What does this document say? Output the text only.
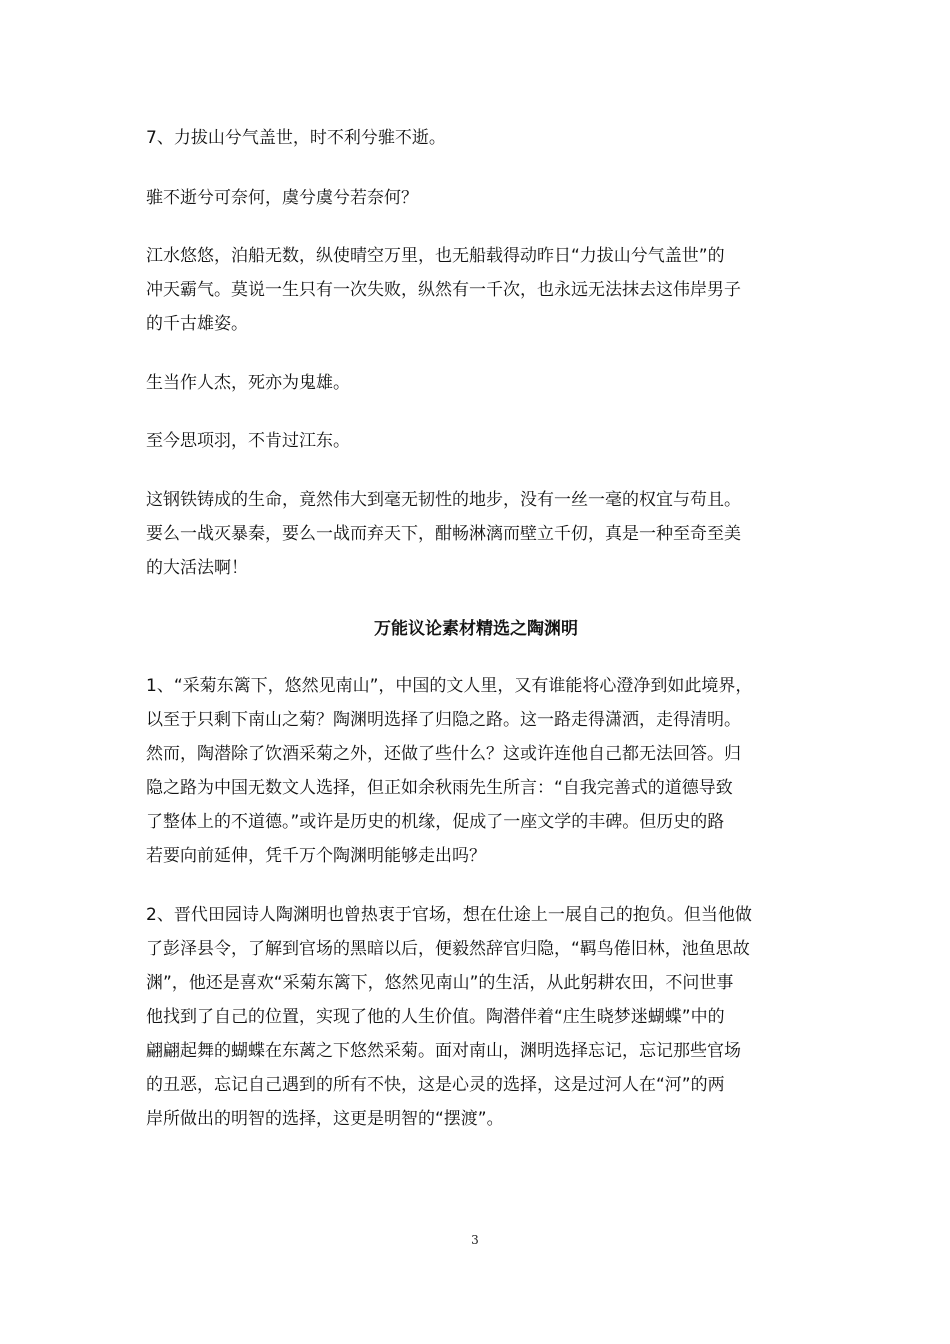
7、力拔山兮气盖世，时不利兮骓不逝。

骓不逝兮可奈何，虞兮虞兮若奈何？

江水悠悠，泊船无数，纵使晴空万里，也无船载得动昨日“力拔山兮气盖世”的

冲天霸气。莫说一生只有一次失败，纵然有一千次，也永远无法抹去这伟岸男子

的千古雄姿。

生当作人杰，死亦为鬼雄。

至今思项羽，不肯过江东。

这钢铁铸成的生命，竟然伟大到毫无韧性的地步，没有一丝一毫的权宜与苟且。

要么一战灭暴秦，要么一战而弃天下，酣畅淋漓而壁立千仞，真是一种至奇至美

的大活法啊！

万能议论素材精选之陶渊明

1、“采菊东篱下，悠然见南山”，中国的文人里，又有谁能将心澄净到如此境界，

以至于只剩下南山之菊？陶渊明选择了归隐之路。这一路走得潇洒，走得清明。

然而，陶潜除了饮酒采菊之外，还做了些什么？这或许连他自己都无法回答。归

隐之路为中国无数文人选择，但正如余秋雨先生所言：“自我完善式的道德导致

了整体上的不道德。”或许是历史的机缘，促成了一座文学的丰碑。但历史的路

若要向前延伸，凭千万个陶渊明能够走出吗？

2、晋代田园诗人陶渊明也曾热衷于官场，想在仕途上一展自己的抱负。但当他做

了彭泽县令，了解到官场的黑暗以后，便毅然辞官归隐，“羁鸟倦旧林，池鱼思故

渊”，他还是喜欢“采菊东篱下，悠然见南山”的生活，从此躬耕农田，不问世事

他找到了自己的位置，实现了他的人生价值。陶潜伴着“庄生晓梦迷蝴蝶”中的

翩翩起舞的蝴蝶在东蓠之下悠然采菊。面对南山，渊明选择忘记，忘记那些官场

的丑恶，忘记自己遇到的所有不快，这是心灵的选择，这是过河人在“河”的两

岸所做出的明智的选择，这更是明智的“摆渡”。

3
